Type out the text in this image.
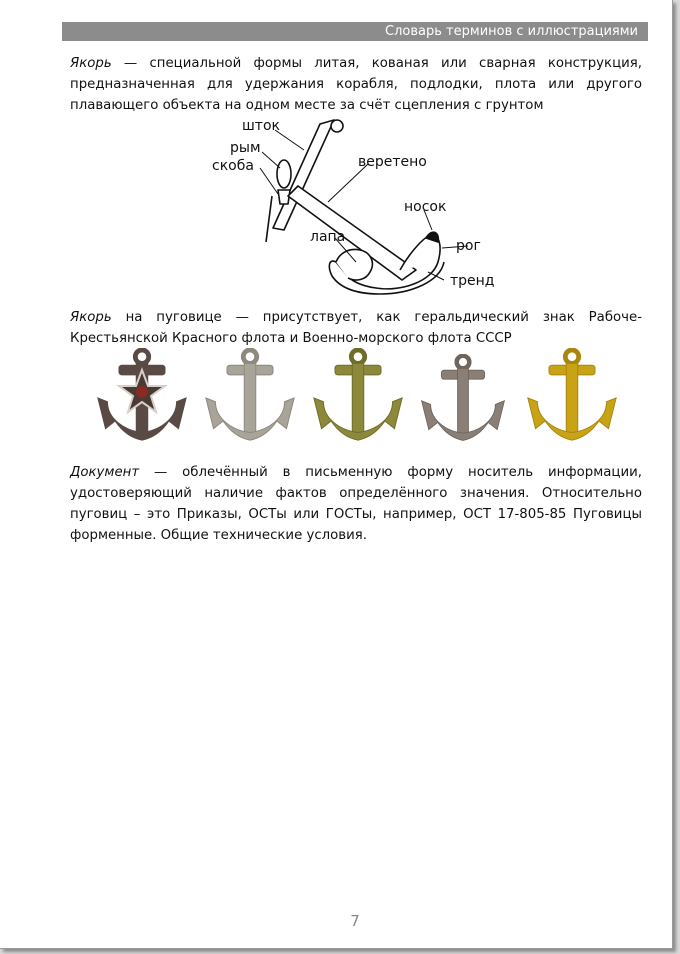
Словарь терминов с иллюстрациями

Якорь — специальной формы литая, кованая или сварная конструкция, предназначенная для удержания корабля, подлодки, плота или другого плавающего объекта на одном месте за счёт сцепления с грунтом

шток
рым
скоба	веретено
носок
рог
лапа
тренд

Якорь на пуговице — присутствует, как геральдический знак Рабоче-Крестьянской Красного флота и Военно-морского флота СССР

Документ — облечённый в письменную форму носитель информации, удостоверяющий наличие фактов определённого значения. Относительно пуговиц – это Приказы, ОСТы или ГОСТы, например, ОСТ 17-805-85 Пуговицы форменные. Общие технические условия.

7
